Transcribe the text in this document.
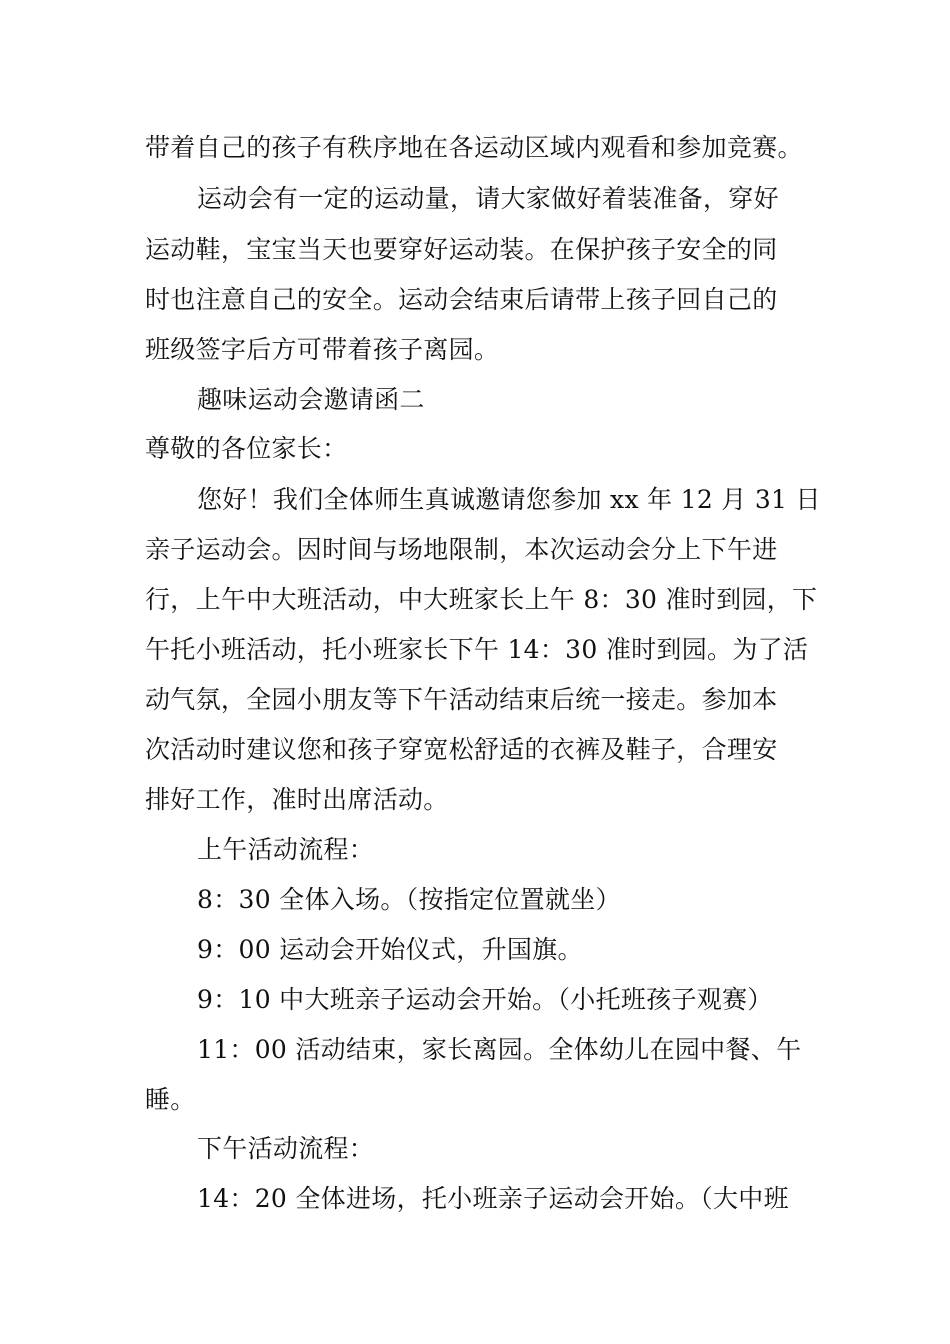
带着自己的孩子有秩序地在各运动区域内观看和参加竞赛。
运动会有一定的运动量，请大家做好着装准备，穿好
运动鞋，宝宝当天也要穿好运动装。在保护孩子安全的同
时也注意自己的安全。运动会结束后请带上孩子回自己的
班级签字后方可带着孩子离园。
趣味运动会邀请函二
尊敬的各位家长：
您好！我们全体师生真诚邀请您参加 xx 年 12 月 31 日
亲子运动会。因时间与场地限制，本次运动会分上下午进
行，上午中大班活动，中大班家长上午 8：30 准时到园，下
午托小班活动，托小班家长下午 14：30 准时到园。为了活
动气氛，全园小朋友等下午活动结束后统一接走。参加本
次活动时建议您和孩子穿宽松舒适的衣裤及鞋子，合理安
排好工作，准时出席活动。
上午活动流程：
8：30 全体入场。（按指定位置就坐）
9：00 运动会开始仪式，升国旗。
9：10 中大班亲子运动会开始。（小托班孩子观赛）
11：00 活动结束，家长离园。全体幼儿在园中餐、午
睡。
下午活动流程：
14：20 全体进场，托小班亲子运动会开始。（大中班
